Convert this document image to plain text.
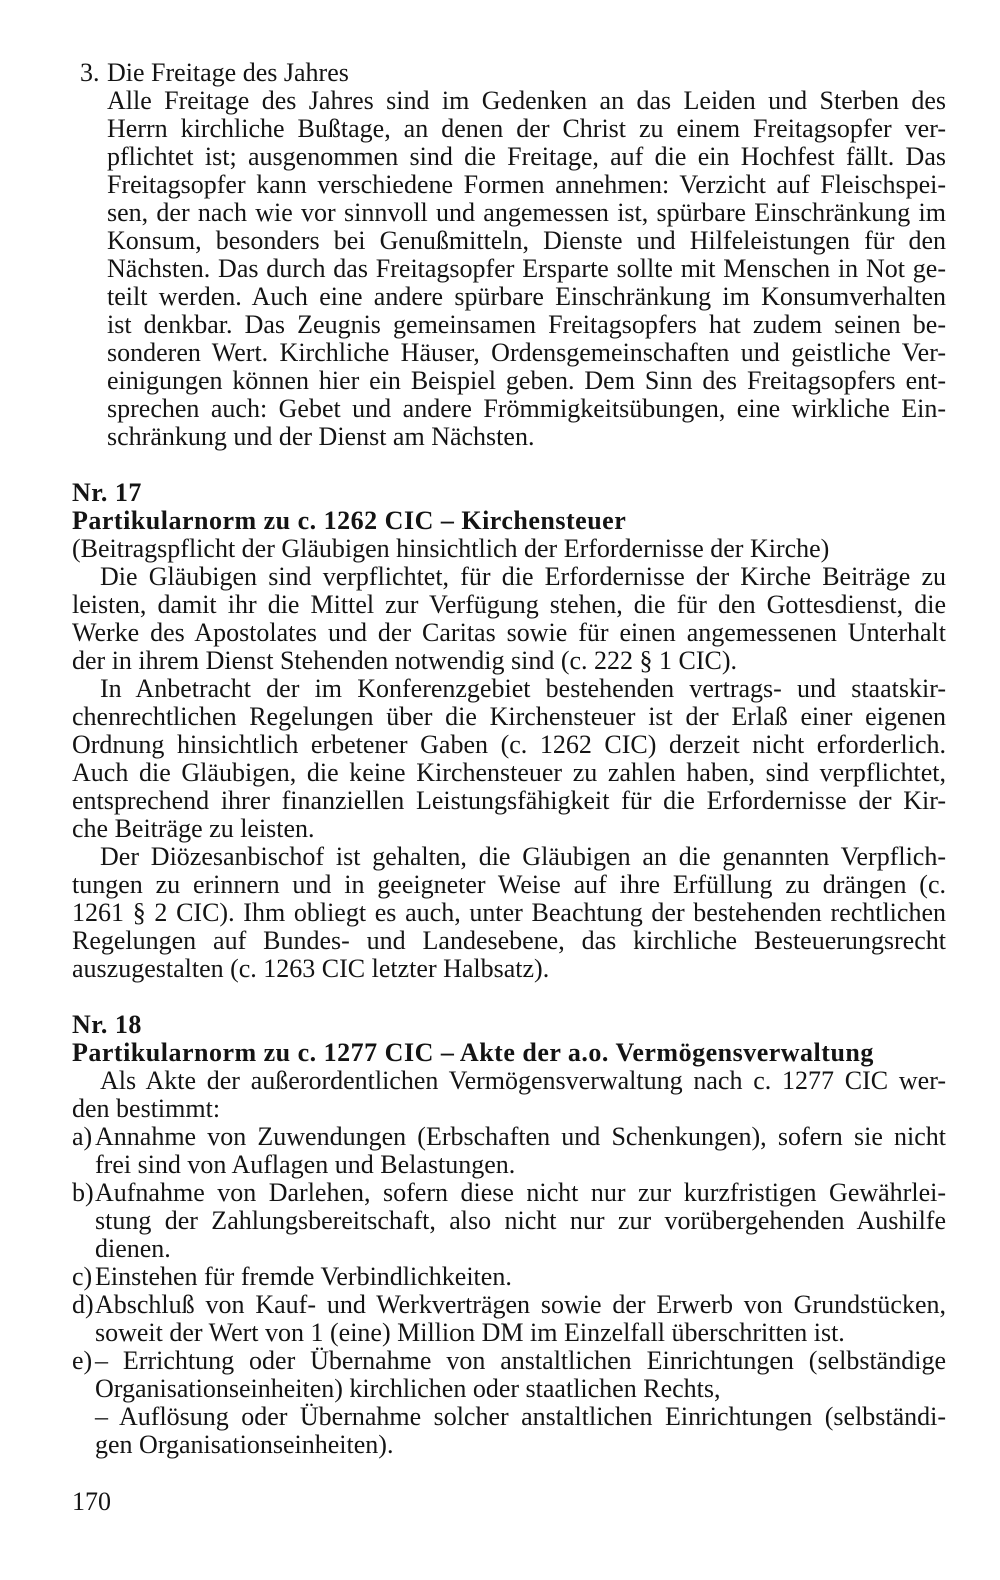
3. Die Freitage des Jahres
Alle Freitage des Jahres sind im Gedenken an das Leiden und Sterben des
Herrn kirchliche Bußtage, an denen der Christ zu einem Freitagsopfer ver-
pflichtet ist; ausgenommen sind die Freitage, auf die ein Hochfest fällt. Das
Freitagsopfer kann verschiedene Formen annehmen: Verzicht auf Fleischspei-
sen, der nach wie vor sinnvoll und angemessen ist, spürbare Einschränkung im
Konsum, besonders bei Genußmitteln, Dienste und Hilfeleistungen für den
Nächsten. Das durch das Freitagsopfer Ersparte sollte mit Menschen in Not ge-
teilt werden. Auch eine andere spürbare Einschränkung im Konsumverhalten
ist denkbar. Das Zeugnis gemeinsamen Freitagsopfers hat zudem seinen be-
sonderen Wert. Kirchliche Häuser, Ordensgemeinschaften und geistliche Ver-
einigungen können hier ein Beispiel geben. Dem Sinn des Freitagsopfers ent-
sprechen auch: Gebet und andere Frömmigkeitsübungen, eine wirkliche Ein-
schränkung und der Dienst am Nächsten.
Nr. 17
Partikularnorm zu c. 1262 CIC – Kirchensteuer
(Beitragspflicht der Gläubigen hinsichtlich der Erfordernisse der Kirche)
Die Gläubigen sind verpflichtet, für die Erfordernisse der Kirche Beiträge zu
leisten, damit ihr die Mittel zur Verfügung stehen, die für den Gottesdienst, die
Werke des Apostolates und der Caritas sowie für einen angemessenen Unterhalt
der in ihrem Dienst Stehenden notwendig sind (c. 222 § 1 CIC).
In Anbetracht der im Konferenzgebiet bestehenden vertrags- und staatskir-
chenrechtlichen Regelungen über die Kirchensteuer ist der Erlaß einer eigenen
Ordnung hinsichtlich erbetener Gaben (c. 1262 CIC) derzeit nicht erforderlich.
Auch die Gläubigen, die keine Kirchensteuer zu zahlen haben, sind verpflichtet,
entsprechend ihrer finanziellen Leistungsfähigkeit für die Erfordernisse der Kir-
che Beiträge zu leisten.
Der Diözesanbischof ist gehalten, die Gläubigen an die genannten Verpflich-
tungen zu erinnern und in geeigneter Weise auf ihre Erfüllung zu drängen (c.
1261 § 2 CIC). Ihm obliegt es auch, unter Beachtung der bestehenden rechtlichen
Regelungen auf Bundes- und Landesebene, das kirchliche Besteuerungsrecht
auszugestalten (c. 1263 CIC letzter Halbsatz).
Nr. 18
Partikularnorm zu c. 1277 CIC – Akte der a.o. Vermögensverwaltung
Als Akte der außerordentlichen Vermögensverwaltung nach c. 1277 CIC wer-
den bestimmt:
a) Annahme von Zuwendungen (Erbschaften und Schenkungen), sofern sie nicht
frei sind von Auflagen und Belastungen.
b) Aufnahme von Darlehen, sofern diese nicht nur zur kurzfristigen Gewährlei-
stung der Zahlungsbereitschaft, also nicht nur zur vorübergehenden Aushilfe
dienen.
c) Einstehen für fremde Verbindlichkeiten.
d) Abschluß von Kauf- und Werkverträgen sowie der Erwerb von Grundstücken,
soweit der Wert von 1 (eine) Million DM im Einzelfall überschritten ist.
e) – Errichtung oder Übernahme von anstaltlichen Einrichtungen (selbständige
Organisationseinheiten) kirchlichen oder staatlichen Rechts,
– Auflösung oder Übernahme solcher anstaltlichen Einrichtungen (selbständi-
gen Organisationseinheiten).
170
